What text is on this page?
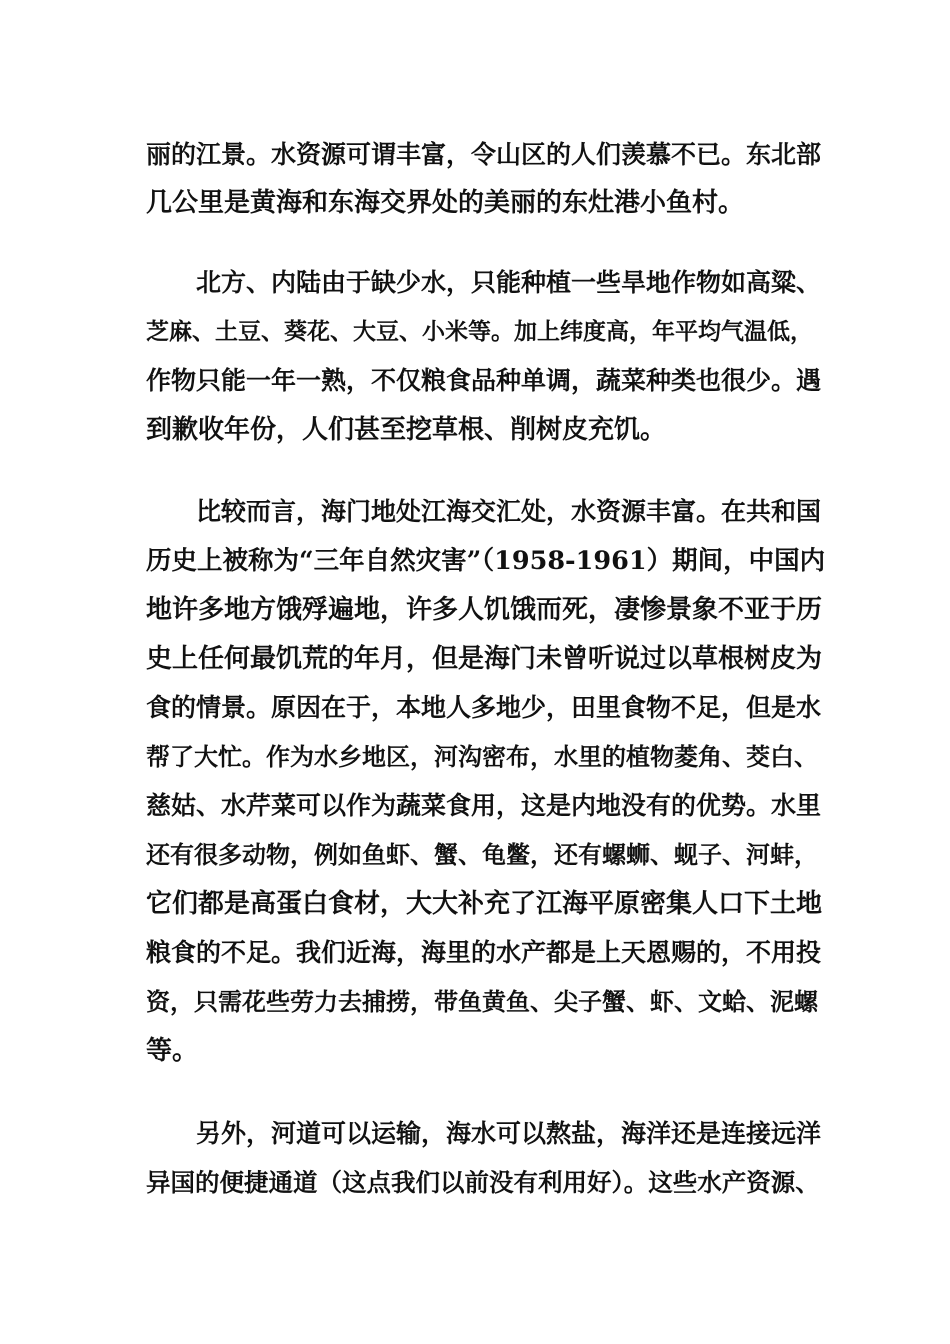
丽的江景。水资源可谓丰富，令山区的人们羡慕不已。东北部
几公里是黄海和东海交界处的美丽的东灶港小鱼村。
北方、内陆由于缺少水，只能种植一些旱地作物如高粱、
芝麻、土豆、葵花、大豆、小米等。加上纬度高，年平均气温低，
作物只能一年一熟，不仅粮食品种单调，蔬菜种类也很少。遇
到歉收年份，人们甚至挖草根、削树皮充饥。
比较而言，海门地处江海交汇处，水资源丰富。在共和国
历史上被称为“三年自然灾害”（1958-1961）期间，中国内
地许多地方饿殍遍地，许多人饥饿而死，凄惨景象不亚于历
史上任何最饥荒的年月，但是海门未曾听说过以草根树皮为
食的情景。原因在于，本地人多地少，田里食物不足，但是水
帮了大忙。作为水乡地区，河沟密布，水里的植物菱角、茭白、
慈姑、水芹菜可以作为蔬菜食用，这是内地没有的优势。水里
还有很多动物，例如鱼虾、蟹、龟鳖，还有螺蛳、蚬子、河蚌，
它们都是高蛋白食材，大大补充了江海平原密集人口下土地
粮食的不足。我们近海，海里的水产都是上天恩赐的，不用投
资，只需花些劳力去捕捞，带鱼黄鱼、尖子蟹、虾、文蛤、泥螺
等。
另外，河道可以运输，海水可以熬盐，海洋还是连接远洋
异国的便捷通道（这点我们以前没有利用好）。这些水产资源、
